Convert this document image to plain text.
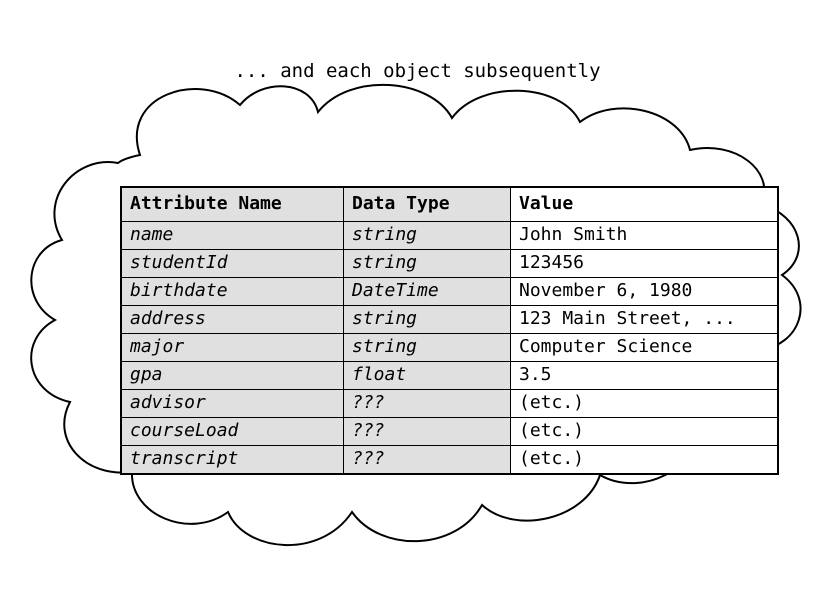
... and each object subsequently

Attribute Name	Data Type	Value
name	string	John Smith
studentId	string	123456
birthdate	DateTime	November 6, 1980
address	string	123 Main Street, ...
major	string	Computer Science
gpa	float	3.5
advisor	???	(etc.)
courseLoad	???	(etc.)
transcript	???	(etc.)
